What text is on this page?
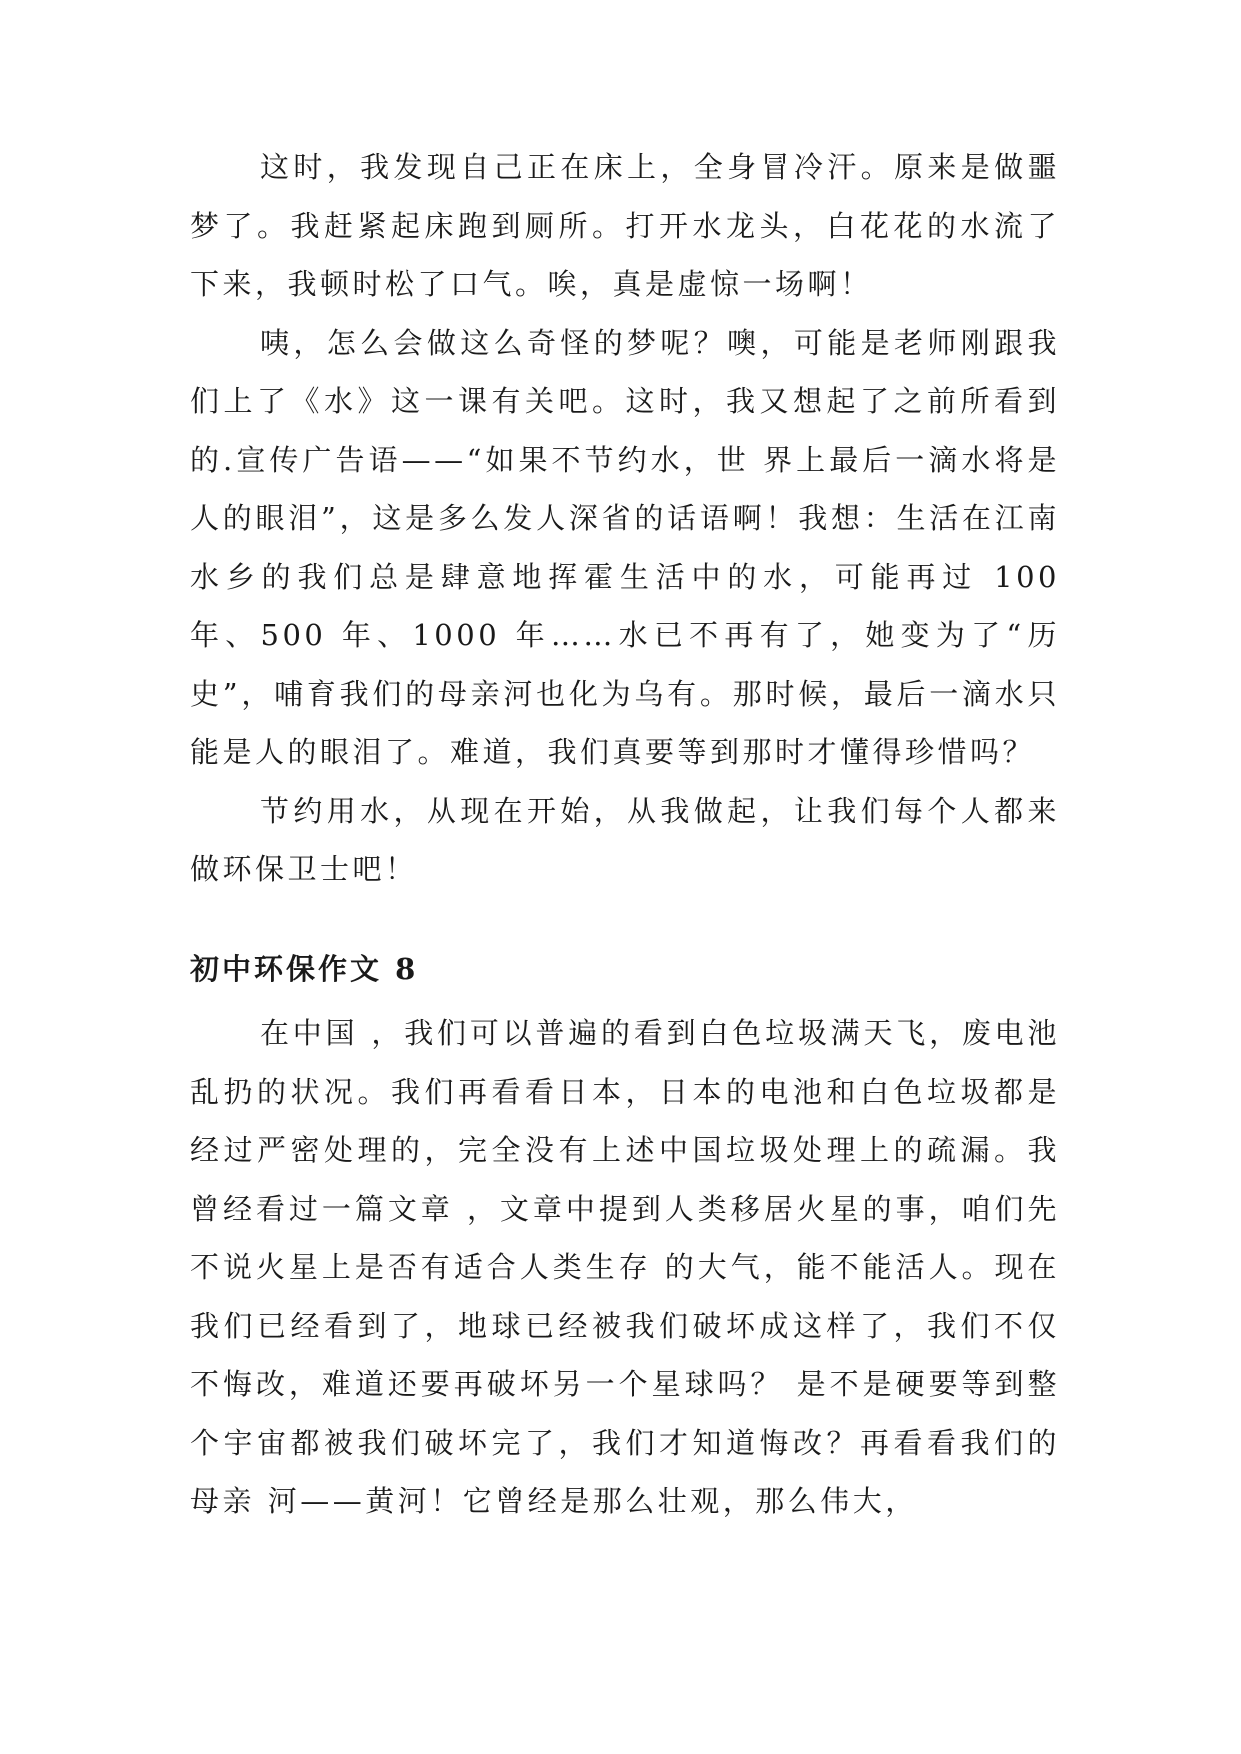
这时，我发现自己正在床上，全身冒冷汗。原来是做噩梦了。我赶紧起床跑到厕所。打开水龙头，白花花的水流了下来，我顿时松了口气。唉，真是虚惊一场啊！

咦，怎么会做这么奇怪的梦呢？噢，可能是老师刚跟我们上了《水》这一课有关吧。这时，我又想起了之前所看到的.宣传广告语——“如果不节约水，世 界上最后一滴水将是人的眼泪”，这是多么发人深省的话语啊！我想：生活在江南水乡的我们总是肆意地挥霍生活中的水，可能再过 100 年、500 年、1000 年……水已不再有了，她变为了“历史”，哺育我们的母亲河也化为乌有。那时候，最后一滴水只能是人的眼泪了。难道，我们真要等到那时才懂得珍惜吗？

节约用水，从现在开始，从我做起，让我们每个人都来做环保卫士吧！

初中环保作文 8

在中国 ，我们可以普遍的看到白色垃圾满天飞，废电池乱扔的状况。我们再看看日本，日本的电池和白色垃圾都是经过严密处理的，完全没有上述中国垃圾处理上的疏漏。我曾经看过一篇文章 ，文章中提到人类移居火星的事，咱们先不说火星上是否有适合人类生存 的大气，能不能活人。现在我们已经看到了，地球已经被我们破坏成这样了，我们不仅不悔改，难道还要再破坏另一个星球吗？ 是不是硬要等到整个宇宙都被我们破坏完了，我们才知道悔改？再看看我们的母亲 河——黄河！它曾经是那么壮观，那么伟大，
